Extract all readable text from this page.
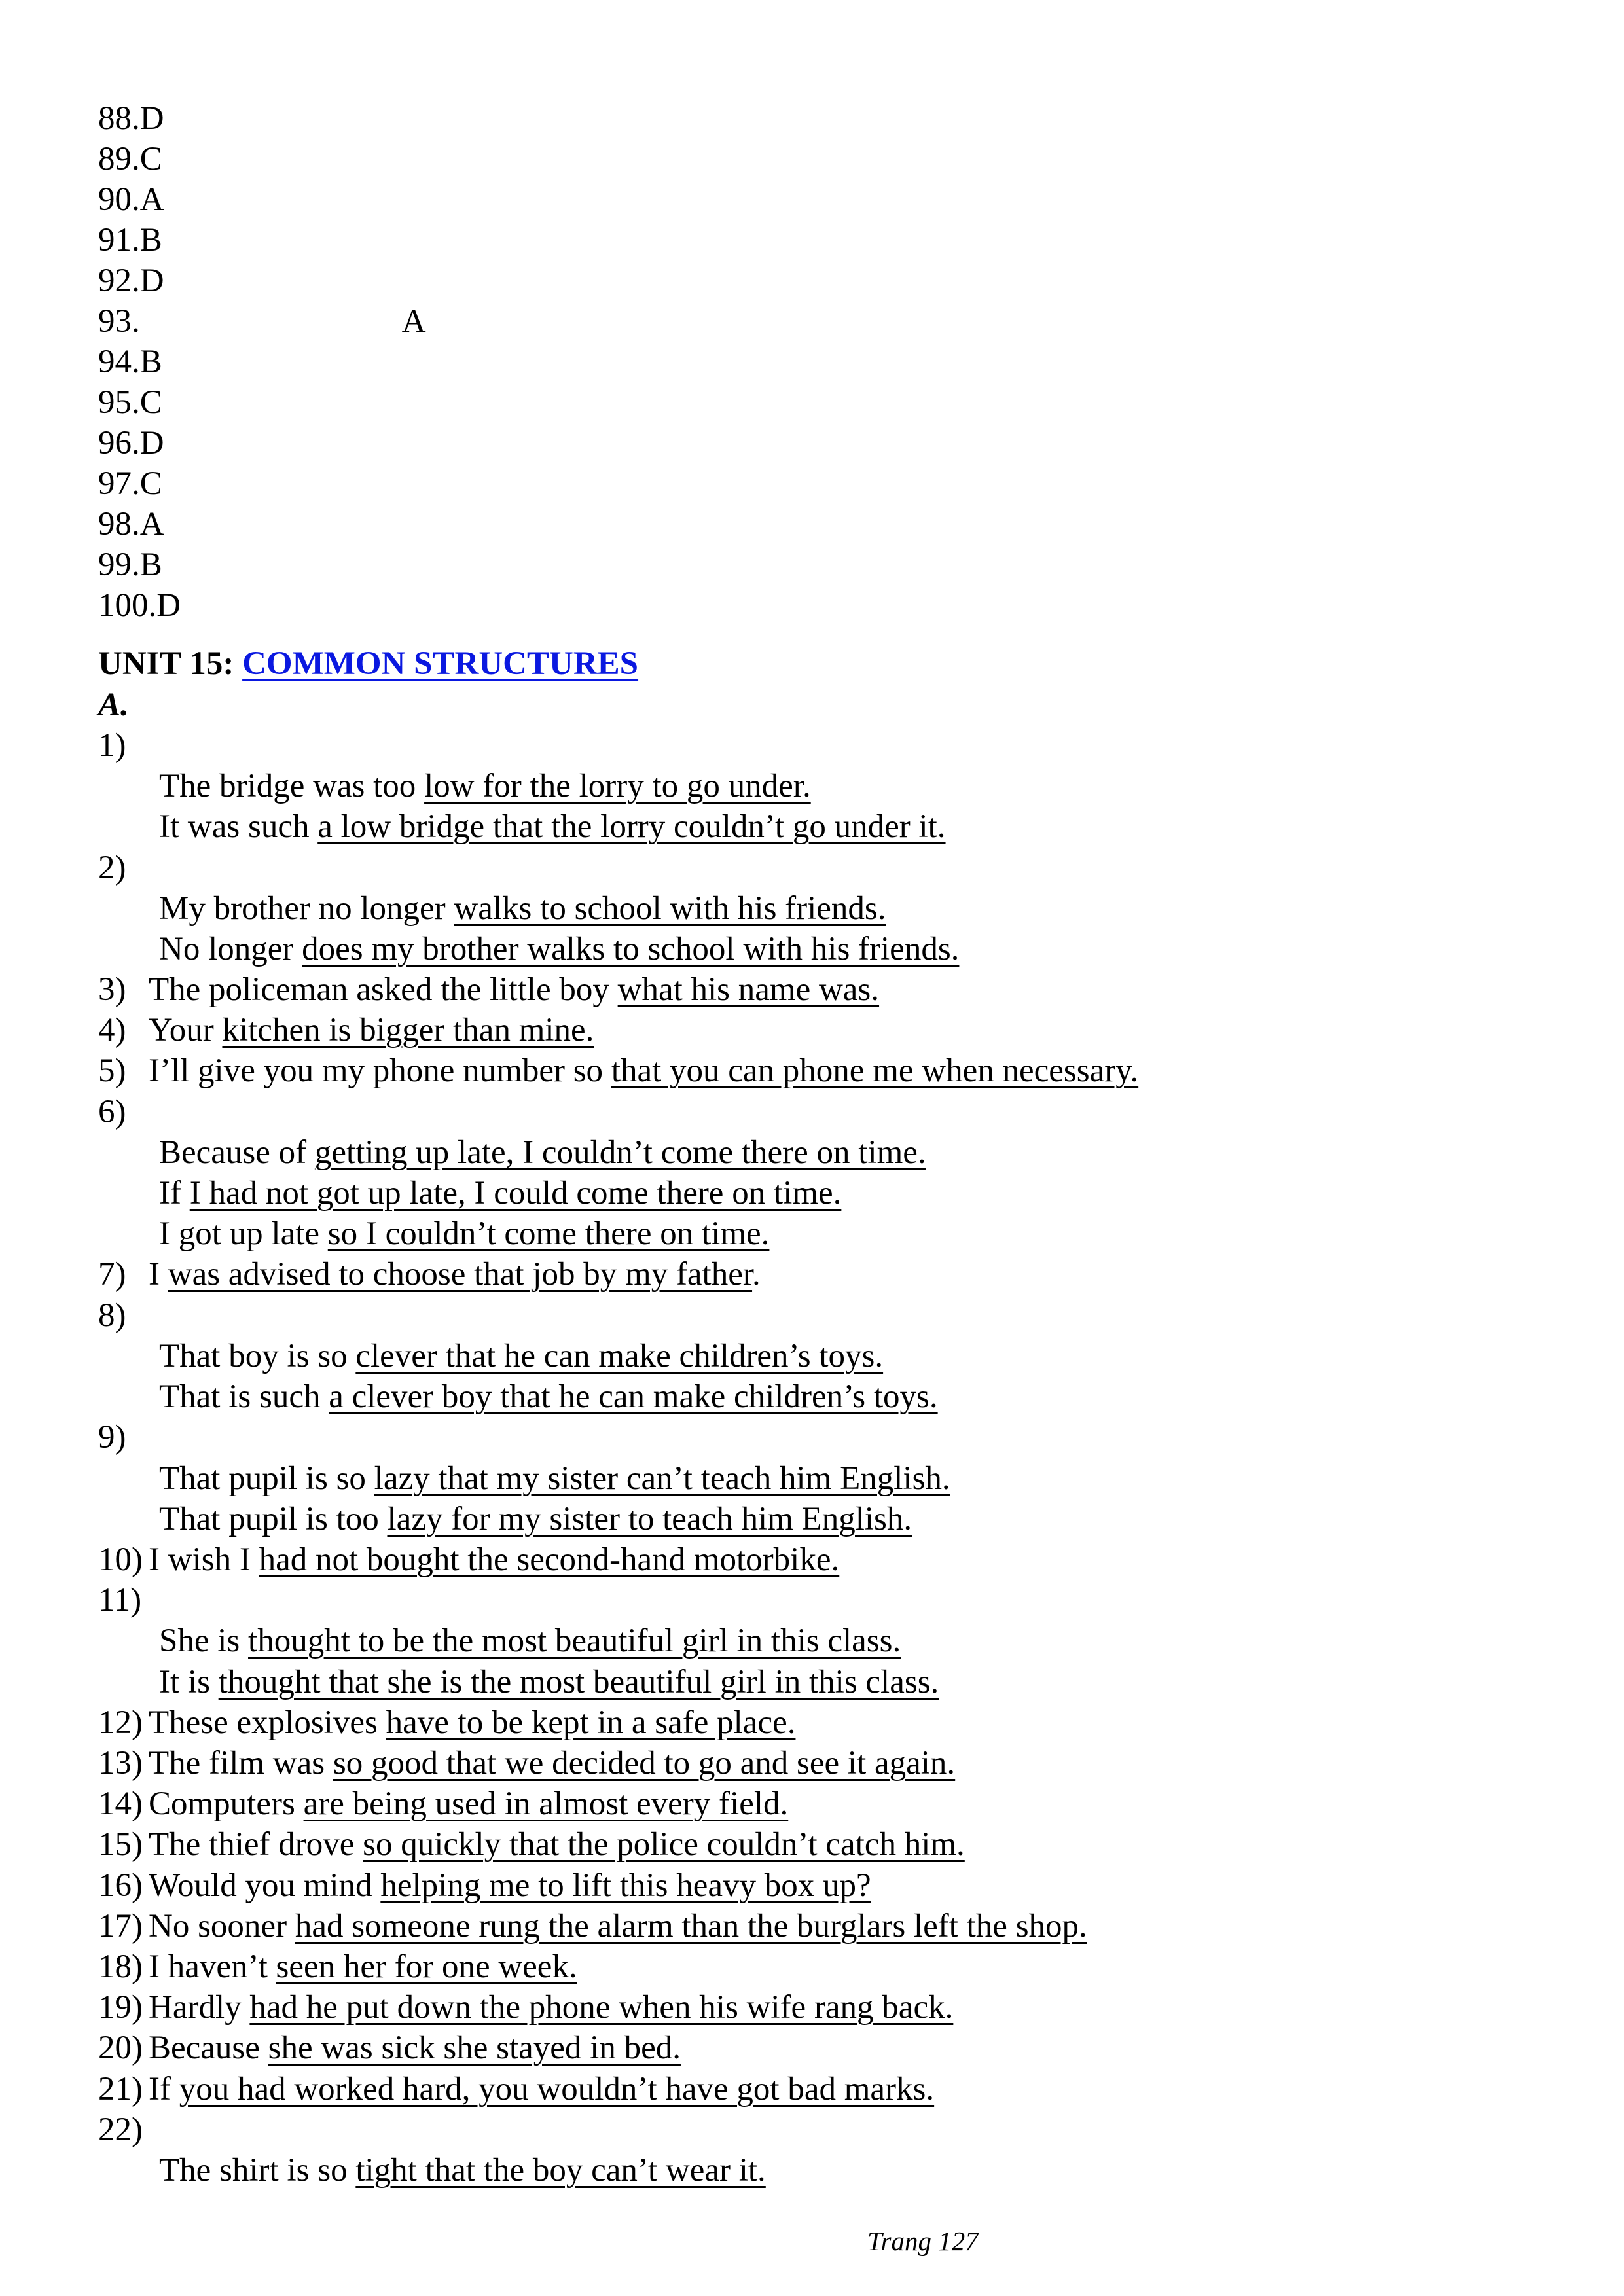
88.D
89.C
90.A
91.B
92.D
93.	A
94.B
95.C
96.D
97.C
98.A
99.B
100.D
UNIT 15: COMMON STRUCTURES
A.
1)
The bridge was too low for the lorry to go under.
It was such a low bridge that the lorry couldn’t go under it.
2)
My brother no longer walks to school with his friends.
No longer does my brother walks to school with his friends.
3) The policeman asked the little boy what his name was.
4) Your kitchen is bigger than mine.
5) I’ll give you my phone number so that you can phone me when necessary.
6)
Because of getting up late, I couldn’t come there on time.
If I had not got up late, I could come there on time.
I got up late so I couldn’t come there on time.
7) I was advised to choose that job by my father.
8)
That boy is so clever that he can make children’s toys.
That is such a clever boy that he can make children’s toys.
9)
That pupil is so lazy that my sister can’t teach him English.
That pupil is too lazy for my sister to teach him English.
10) I wish I had not bought the second-hand motorbike.
11)
She is thought to be the most beautiful girl in this class.
It is thought that she is the most beautiful girl in this class.
12) These explosives have to be kept in a safe place.
13) The film was so good that we decided to go and see it again.
14) Computers are being used in almost every field.
15) The thief drove so quickly that the police couldn’t catch him.
16) Would you mind helping me to lift this heavy box up?
17) No sooner had someone rung the alarm than the burglars left the shop.
18) I haven’t seen her for one week.
19) Hardly had he put down the phone when his wife rang back.
20) Because she was sick she stayed in bed.
21) If you had worked hard, you wouldn’t have got bad marks.
22)
The shirt is so tight that the boy can’t wear it.
Trang 127
